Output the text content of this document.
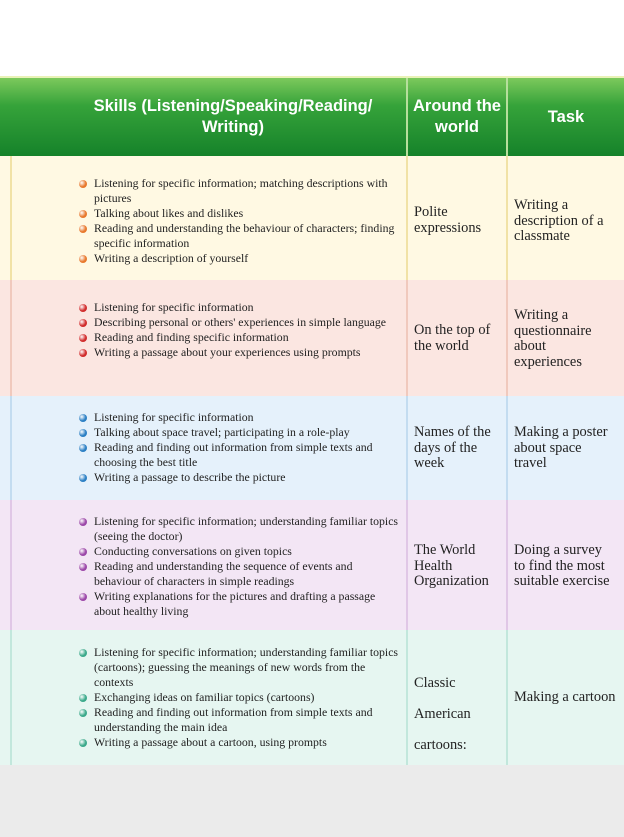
Skills (Listening/Speaking/Reading/
Writing)
Around the
world
Task
Listening for specific information; matching descriptions with pictures
Talking about likes and dislikes
Reading and understanding the behaviour of characters; finding specific information
Writing a description of yourself
Polite
expressions
Writing a
description of a
classmate
Listening for specific information
Describing personal or others' experiences in simple language
Reading and finding specific information
Writing a passage about your experiences using prompts
On the top of
the world
Writing a
questionnaire
about
experiences
Listening for specific information
Talking about space travel; participating in a role-play
Reading and finding out information from simple texts and choosing the best title
Writing a passage to describe the picture
Names of the
days of the
week
Making a poster
about space
travel
Listening for specific information; understanding familiar topics (seeing the doctor)
Conducting conversations on given topics
Reading and understanding the sequence of events and behaviour of characters in simple readings
Writing explanations for the pictures and drafting a passage about healthy living
The World
Health
Organization
Doing a survey
to find the most
suitable exercise
Listening for specific information; understanding familiar topics (cartoons); guessing the meanings of new words from the contexts
Exchanging ideas on familiar topics (cartoons)
Reading and finding out information from simple texts and understanding the main idea
Writing a passage about a cartoon, using prompts

Classic

American

cartoons:

Making a cartoon
